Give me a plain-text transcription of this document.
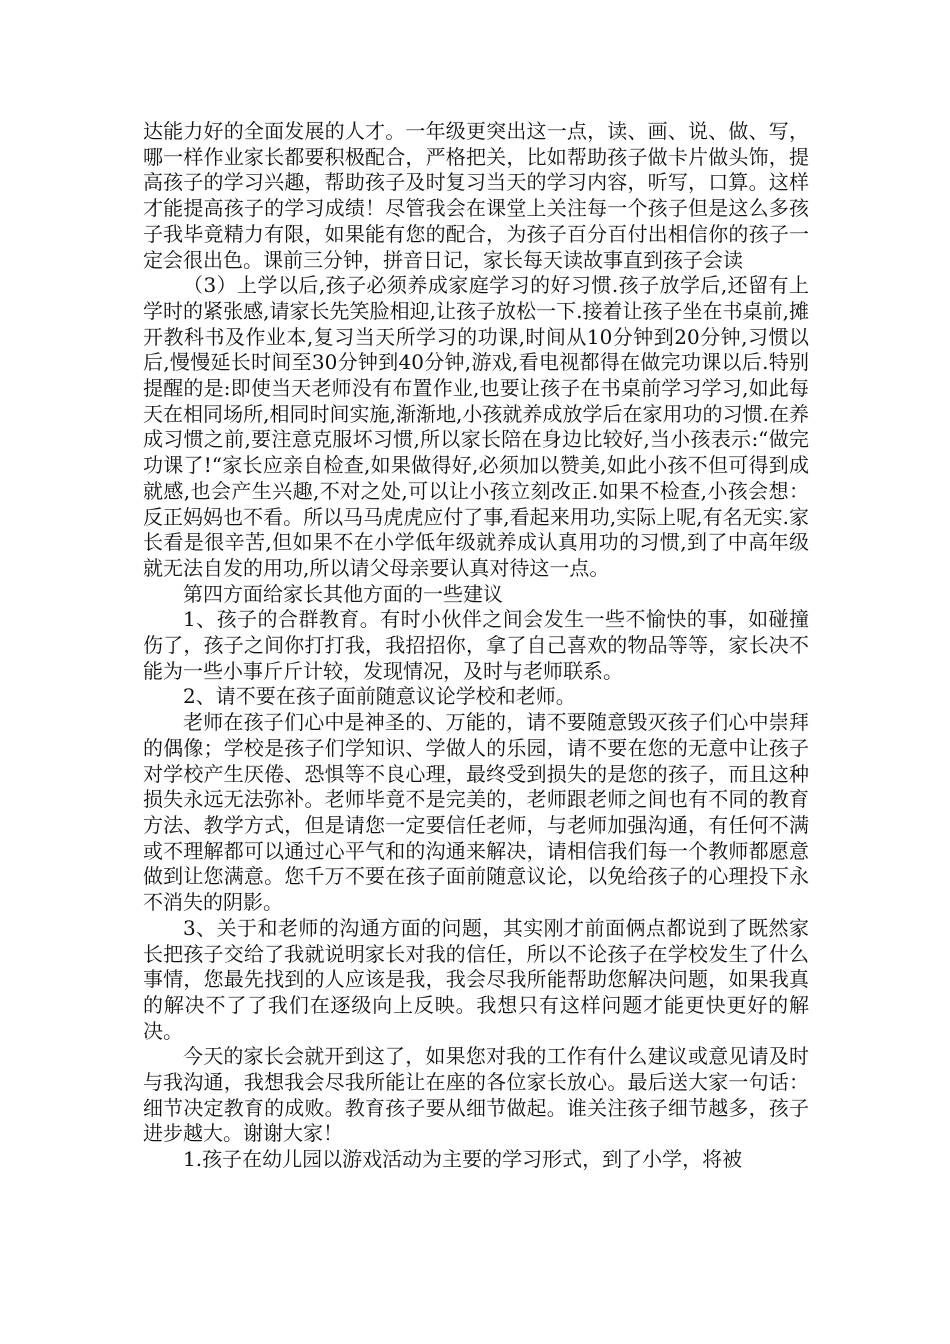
达能力好的全面发展的人才。一年级更突出这一点，读、画、说、做、写，哪一样作业家长都要积极配合，严格把关，比如帮助孩子做卡片做头饰，提高孩子的学习兴趣，帮助孩子及时复习当天的学习内容，听写，口算。这样才能提高孩子的学习成绩！尽管我会在课堂上关注每一个孩子但是这么多孩子我毕竟精力有限，如果能有您的配合，为孩子百分百付出相信你的孩子一定会很出色。课前三分钟，拼音日记，家长每天读故事直到孩子会读

（3）上学以后,孩子必须养成家庭学习的好习惯.孩子放学后,还留有上学时的紧张感,请家长先笑脸相迎,让孩子放松一下.接着让孩子坐在书桌前,摊开教科书及作业本,复习当天所学习的功课,时间从10分钟到20分钟,习惯以后,慢慢延长时间至30分钟到40分钟,游戏,看电视都得在做完功课以后.特别提醒的是:即使当天老师没有布置作业,也要让孩子在书桌前学习学习,如此每天在相同场所,相同时间实施,渐渐地,小孩就养成放学后在家用功的习惯.在养成习惯之前,要注意克服坏习惯,所以家长陪在身边比较好,当小孩表示:“做完功课了!“家长应亲自检查,如果做得好,必须加以赞美,如此小孩不但可得到成就感,也会产生兴趣,不对之处,可以让小孩立刻改正.如果不检查,小孩会想：反正妈妈也不看。所以马马虎虎应付了事,看起来用功,实际上呢,有名无实.家长看是很辛苦,但如果不在小学低年级就养成认真用功的习惯,到了中高年级就无法自发的用功,所以请父母亲要认真对待这一点。

第四方面给家长其他方面的一些建议

1、孩子的合群教育。有时小伙伴之间会发生一些不愉快的事，如碰撞伤了，孩子之间你打打我，我招招你，拿了自己喜欢的物品等等，家长决不能为一些小事斤斤计较，发现情况，及时与老师联系。

2、请不要在孩子面前随意议论学校和老师。

老师在孩子们心中是神圣的、万能的，请不要随意毁灭孩子们心中崇拜的偶像；学校是孩子们学知识、学做人的乐园，请不要在您的无意中让孩子对学校产生厌倦、恐惧等不良心理，最终受到损失的是您的孩子，而且这种损失永远无法弥补。老师毕竟不是完美的，老师跟老师之间也有不同的教育方法、教学方式，但是请您一定要信任老师，与老师加强沟通，有任何不满或不理解都可以通过心平气和的沟通来解决，请相信我们每一个教师都愿意做到让您满意。您千万不要在孩子面前随意议论，以免给孩子的心理投下永不消失的阴影。

3、关于和老师的沟通方面的问题，其实刚才前面俩点都说到了既然家长把孩子交给了我就说明家长对我的信任，所以不论孩子在学校发生了什么事情，您最先找到的人应该是我，我会尽我所能帮助您解决问题，如果我真的解决不了了我们在逐级向上反映。我想只有这样问题才能更快更好的解决。

今天的家长会就开到这了，如果您对我的工作有什么建议或意见请及时与我沟通，我想我会尽我所能让在座的各位家长放心。最后送大家一句话：细节决定教育的成败。教育孩子要从细节做起。谁关注孩子细节越多，孩子进步越大。谢谢大家！

1.孩子在幼儿园以游戏活动为主要的学习形式，到了小学，将被
